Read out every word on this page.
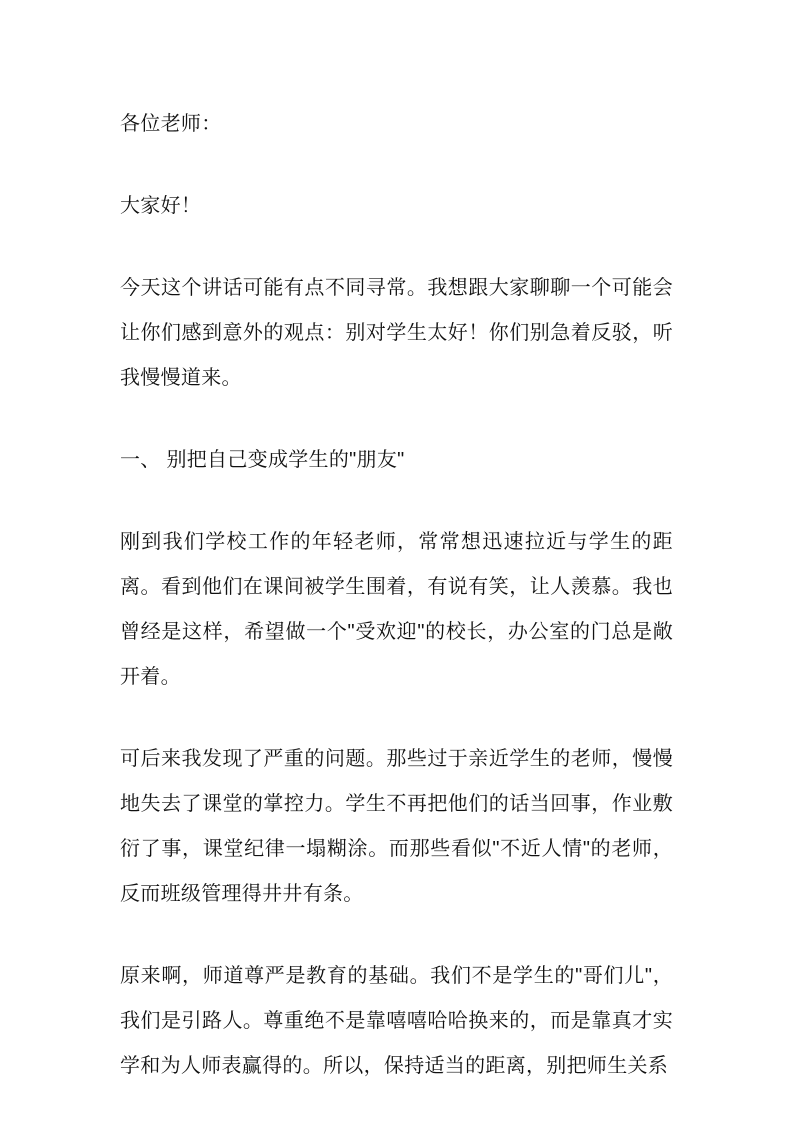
各位老师：

大家好！

今天这个讲话可能有点不同寻常。我想跟大家聊聊一个可能会让你们感到意外的观点：别对学生太好！你们别急着反驳，听我慢慢道来。

一、 别把自己变成学生的"朋友"

刚到我们学校工作的年轻老师，常常想迅速拉近与学生的距离。看到他们在课间被学生围着，有说有笑，让人羡慕。我也曾经是这样，希望做一个"受欢迎"的校长，办公室的门总是敞开着。

可后来我发现了严重的问题。那些过于亲近学生的老师，慢慢地失去了课堂的掌控力。学生不再把他们的话当回事，作业敷衍了事，课堂纪律一塌糊涂。而那些看似"不近人情"的老师，反而班级管理得井井有条。

原来啊，师道尊严是教育的基础。我们不是学生的"哥们儿"，我们是引路人。尊重绝不是靠嘻嘻哈哈换来的，而是靠真才实学和为人师表赢得的。所以，保持适当的距离，别把师生关系
